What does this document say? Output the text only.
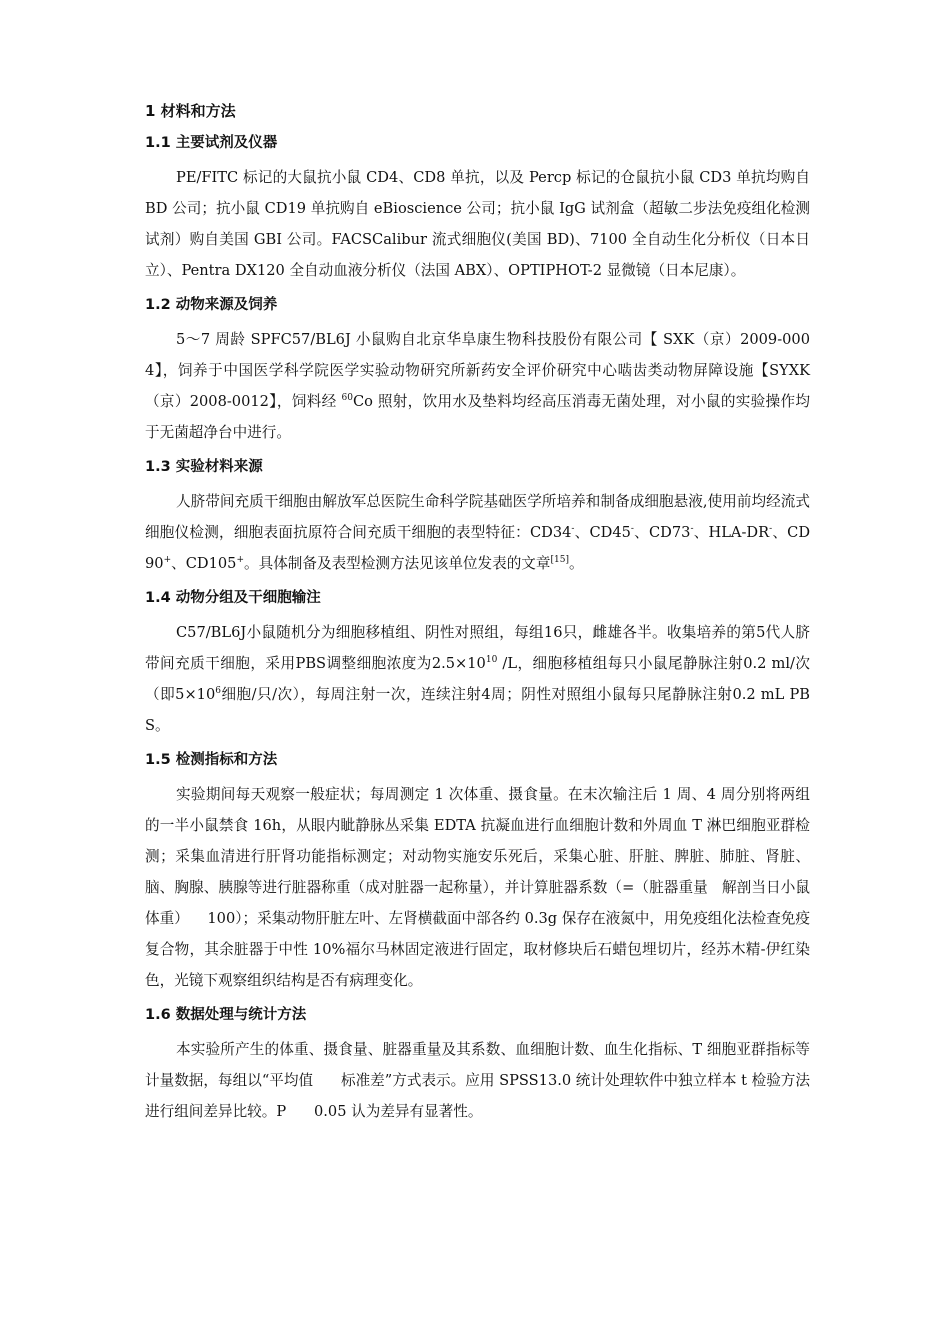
1 材料和方法
1.1 主要试剂及仪器

PE/FITC 标记的大鼠抗小鼠 CD4、CD8 单抗，以及 Percp 标记的仓鼠抗小鼠 CD3 单抗均购自 BD 公司；抗小鼠 CD19 单抗购自 eBioscience 公司；抗小鼠 IgG 试剂盒（超敏二步法免疫组化检测试剂）购自美国 GBI 公司。FACSCalibur 流式细胞仪(美国 BD)、7100 全自动生化分析仪（日本日立）、Pentra DX120 全自动血液分析仪（法国 ABX）、OPTIPHOT-2 显微镜（日本尼康）。

1.2 动物来源及饲养

5～7 周龄 SPFC57/BL6J 小鼠购自北京华阜康生物科技股份有限公司【 SXK（京）2009-0004】，饲养于中国医学科学院医学实验动物研究所新药安全评价研究中心啮齿类动物屏障设施【SYXK（京）2008-0012】，饲料经 $^{60}$Co 照射，饮用水及垫料均经高压消毒无菌处理，对小鼠的实验操作均于无菌超净台中进行。

1.3 实验材料来源

人脐带间充质干细胞由解放军总医院生命科学院基础医学所培养和制备成细胞悬液,使用前均经流式细胞仪检测，细胞表面抗原符合间充质干细胞的表型特征：CD34-、CD45-、CD73-、HLA-DR-、CD90+、CD105+。具体制备及表型检测方法见该单位发表的文章[15]。

1.4 动物分组及干细胞输注

C57/BL6J小鼠随机分为细胞移植组、阴性对照组，每组16只，雌雄各半。收集培养的第5代人脐带间充质干细胞，采用PBS调整细胞浓度为$2.5\times 10^{10}$ /L，细胞移植组每只小鼠尾静脉注射0.2 ml/次（即$5\times 10^6$细胞/只/次），每周注射一次，连续注射4周；阴性对照组小鼠每只尾静脉注射0.2 mL PBS。

1.5 检测指标和方法

实验期间每天观察一般症状；每周测定 1 次体重、摄食量。在末次输注后 1 周、4 周分别将两组的一半小鼠禁食 16h，从眼内眦静脉丛采集 EDTA 抗凝血进行血细胞计数和外周血 T 淋巴细胞亚群检测；采集血清进行肝肾功能指标测定；对动物实施安乐死后，采集心脏、肝脏、脾脏、肺脏、肾脏、脑、胸腺、胰腺等进行脏器称重（成对脏器一起称量），并计算脏器系数（=（脏器重量   解剖当日小鼠体重）    100）；采集动物肝脏左叶、左肾横截面中部各约 0.3g 保存在液氮中，用免疫组化法检查免疫复合物，其余脏器于中性 10%福尔马林固定液进行固定，取材修块后石蜡包埋切片，经苏木精-伊红染色，光镜下观察组织结构是否有病理变化。

1.6 数据处理与统计方法

本实验所产生的体重、摄食量、脏器重量及其系数、血细胞计数、血生化指标、T 细胞亚群指标等计量数据，每组以“平均值      标准差”方式表示。应用 SPSS13.0 统计处理软件中独立样本 t 检验方法进行组间差异比较。P      0.05 认为差异有显著性。
